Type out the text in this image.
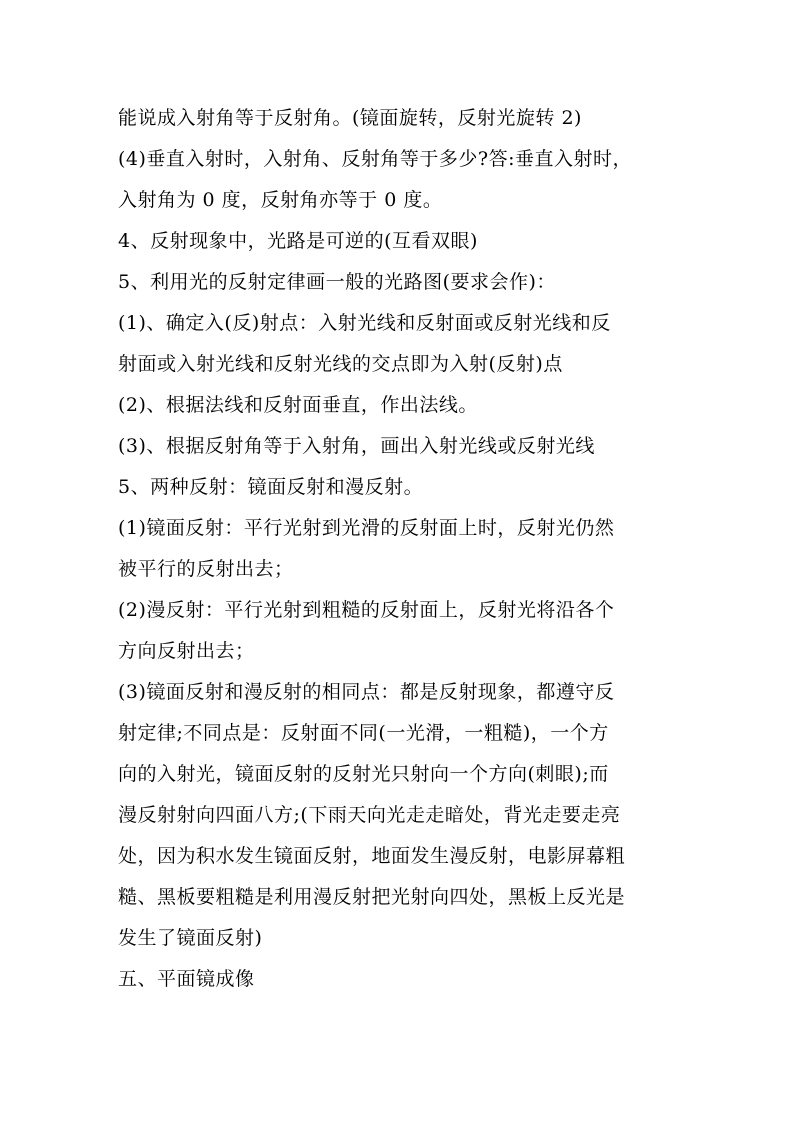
能说成入射角等于反射角。(镜面旋转，反射光旋转 2)
(4)垂直入射时，入射角、反射角等于多少?答:垂直入射时，
入射角为 0 度，反射角亦等于 0 度。
4、反射现象中，光路是可逆的(互看双眼)
5、利用光的反射定律画一般的光路图(要求会作)：
(1)、确定入(反)射点：入射光线和反射面或反射光线和反
射面或入射光线和反射光线的交点即为入射(反射)点
(2)、根据法线和反射面垂直，作出法线。
(3)、根据反射角等于入射角，画出入射光线或反射光线
5、两种反射：镜面反射和漫反射。
(1)镜面反射：平行光射到光滑的反射面上时，反射光仍然
被平行的反射出去；
(2)漫反射：平行光射到粗糙的反射面上，反射光将沿各个
方向反射出去；
(3)镜面反射和漫反射的相同点：都是反射现象，都遵守反
射定律;不同点是：反射面不同(一光滑，一粗糙)，一个方
向的入射光，镜面反射的反射光只射向一个方向(刺眼);而
漫反射射向四面八方;(下雨天向光走走暗处，背光走要走亮
处，因为积水发生镜面反射，地面发生漫反射，电影屏幕粗
糙、黑板要粗糙是利用漫反射把光射向四处，黑板上反光是
发生了镜面反射)
五、平面镜成像
